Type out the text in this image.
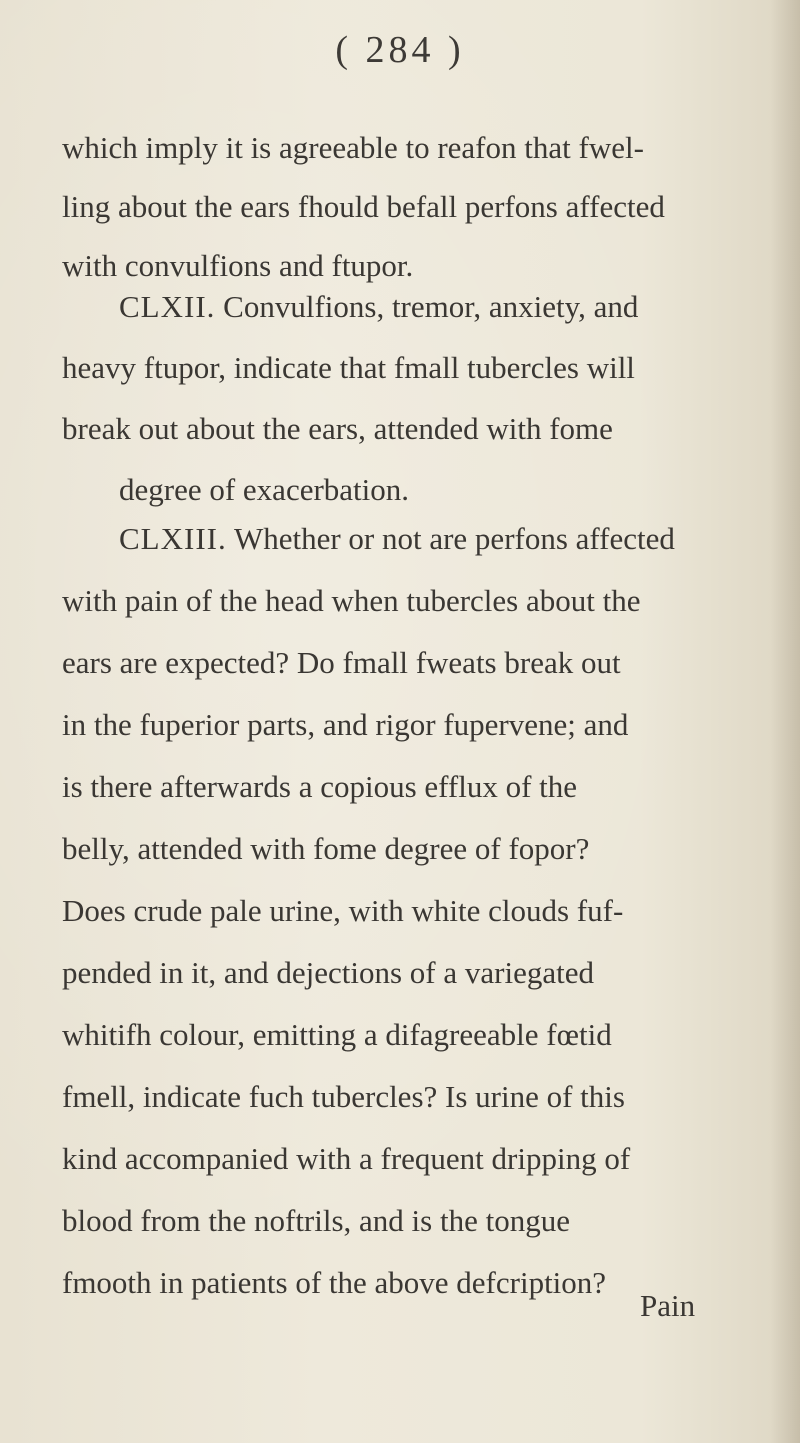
( 284 )
which imply it is agreeable to reafon that fwel-
ling about the ears fhould befall perfons affected
with convulfions and ftupor.
CLXII. Convulfions, tremor, anxiety, and
heavy ftupor, indicate that fmall tubercles will
break out about the ears, attended with fome
degree of exacerbation.
CLXIII. Whether or not are perfons affected
with pain of the head when tubercles about the
ears are expected? Do fmall fweats break out
in the fuperior parts, and rigor fupervene; and
is there afterwards a copious efflux of the
belly, attended with fome degree of fopor?
Does crude pale urine, with white clouds fuf-
pended in it, and dejections of a variegated
whitifh colour, emitting a difagreeable fœtid
fmell, indicate fuch tubercles? Is urine of this
kind accompanied with a frequent dripping of
blood from the noftrils, and is the tongue
fmooth in patients of the above defcription?
Pain
